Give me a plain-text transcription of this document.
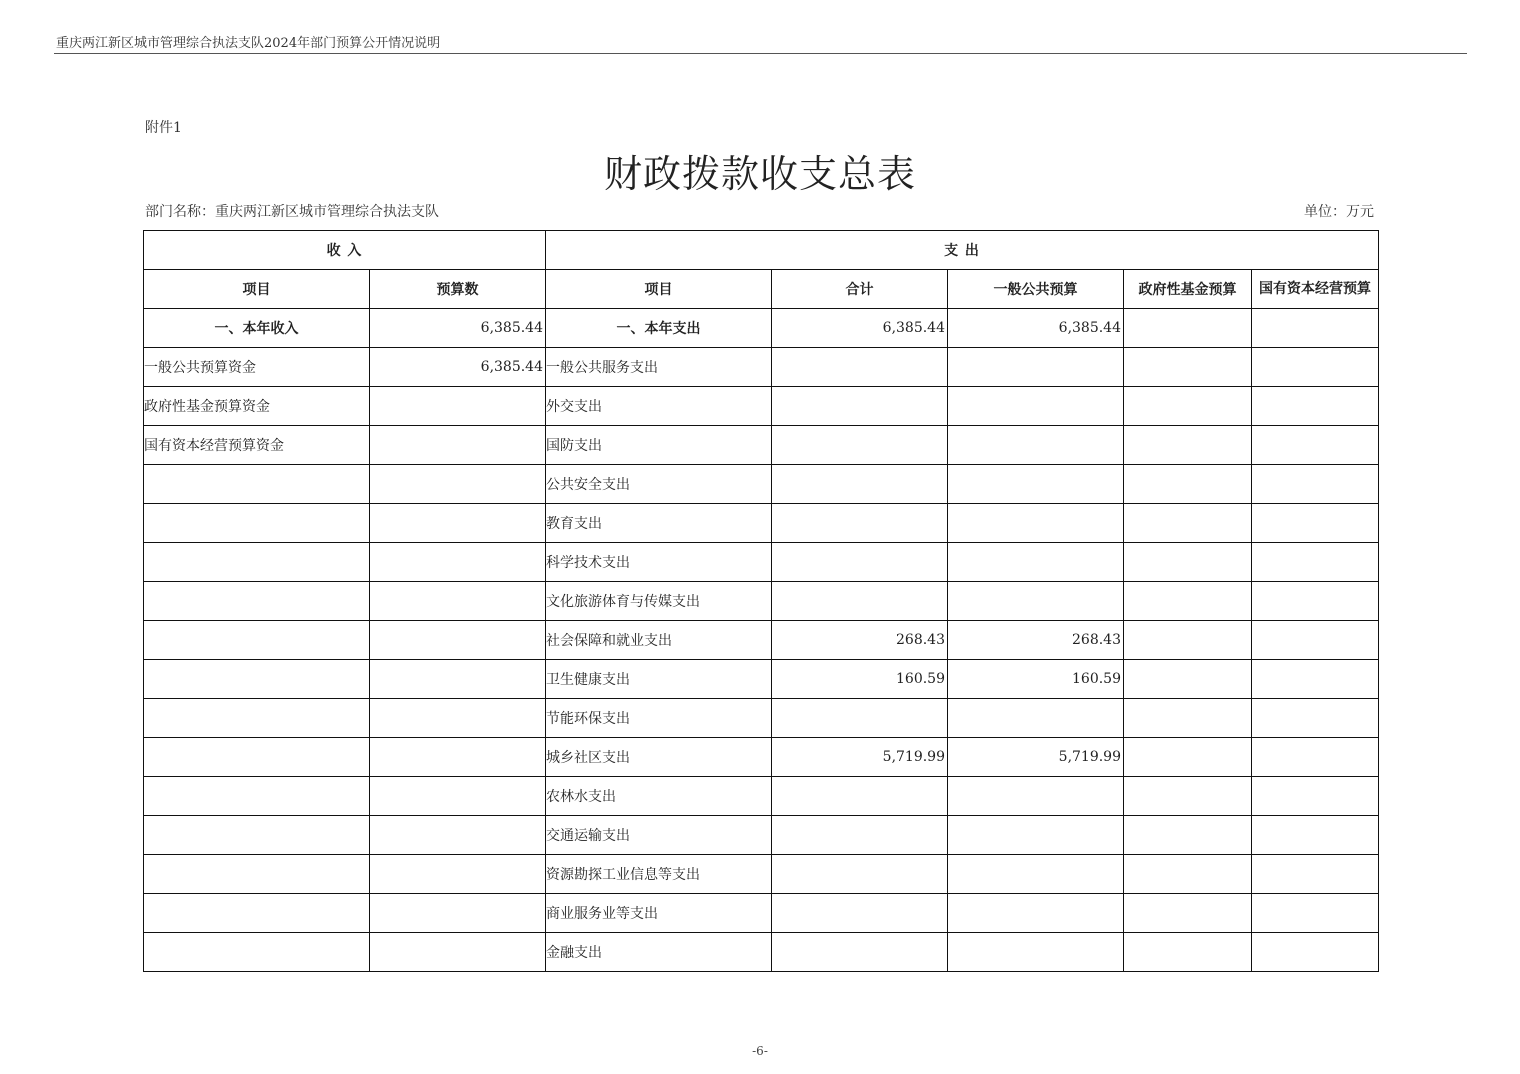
重庆两江新区城市管理综合执法支队2024年部门预算公开情况说明
附件1
财政拨款收支总表
部门名称：重庆两江新区城市管理综合执法支队	单位：万元
收 入		支 出				
项目	预算数	项目	合计	一般公共预算	政府性基金预算	国有资本经营预算
一、本年收入	6,385.44	一、本年支出	6,385.44	6,385.44		
一般公共预算资金	6,385.44	一般公共服务支出				
政府性基金预算资金		外交支出				
国有资本经营预算资金		国防支出				
		公共安全支出				
		教育支出				
		科学技术支出				
		文化旅游体育与传媒支出				
		社会保障和就业支出	268.43	268.43		
		卫生健康支出	160.59	160.59		
		节能环保支出				
		城乡社区支出	5,719.99	5,719.99		
		农林水支出				
		交通运输支出				
		资源勘探工业信息等支出				
		商业服务业等支出				
		金融支出				
-6-
